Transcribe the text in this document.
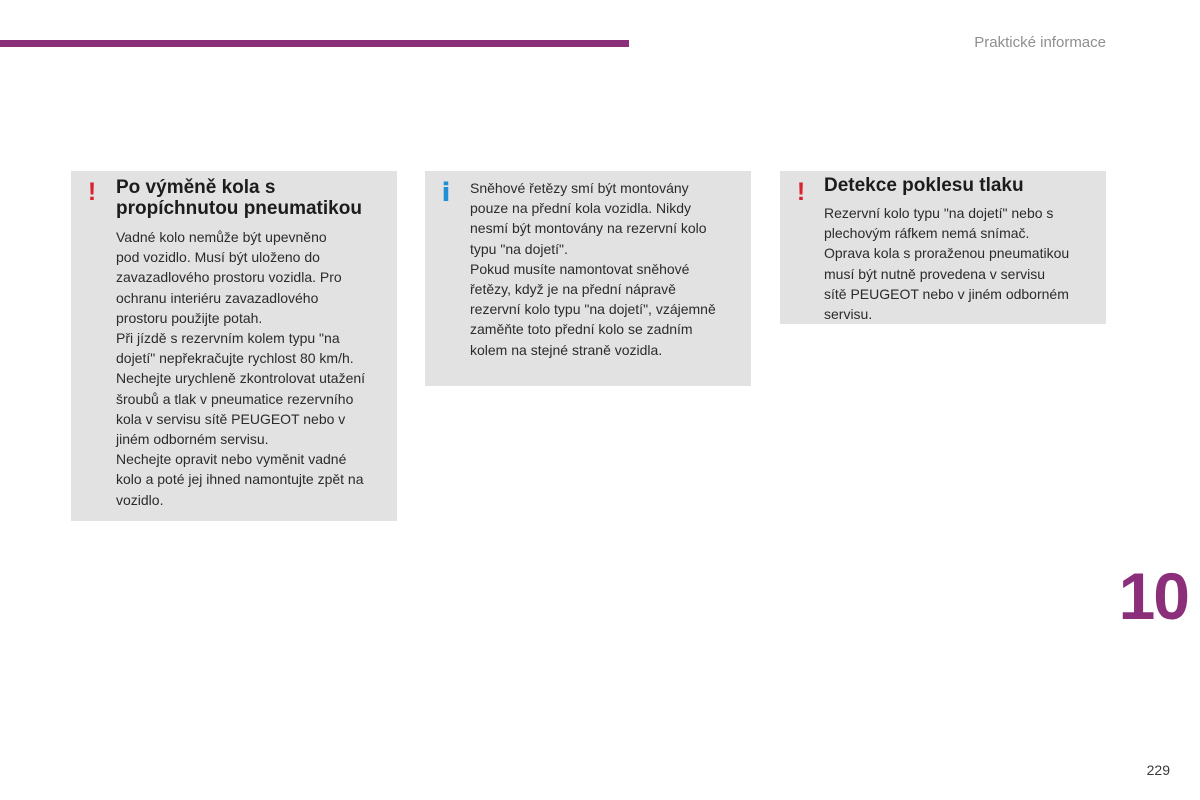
Praktické informace
! Po výměně kola s propíchnutou pneumatikou

Vadné kolo nemůže být upevněno
pod vozidlo. Musí být uloženo do
zavazadlového prostoru vozidla. Pro
ochranu interiéru zavazadlového
prostoru použijte potah.
Při jízdě s rezervním kolem typu "na
dojetí" nepřekračujte rychlost 80 km/h.
Nechejte urychleně zkontrolovat utažení
šroubů a tlak v pneumatice rezervního
kola v servisu sítě PEUGEOT nebo v
jiném odborném servisu.
Nechejte opravit nebo vyměnit vadné
kolo a poté jej ihned namontujte zpět na
vozidlo.

i Sněhové řetězy smí být montovány
pouze na přední kola vozidla. Nikdy
nesmí být montovány na rezervní kolo
typu "na dojetí".
Pokud musíte namontovat sněhové
řetězy, když je na přední nápravě
rezervní kolo typu "na dojetí", vzájemně
zaměňte toto přední kolo se zadním
kolem na stejné straně vozidla.

! Detekce poklesu tlaku

Rezervní kolo typu "na dojetí" nebo s
plechovým ráfkem nemá snímač.
Oprava kola s proraženou pneumatikou
musí být nutně provedena v servisu
sítě PEUGEOT nebo v jiném odborném
servisu.

10
229
